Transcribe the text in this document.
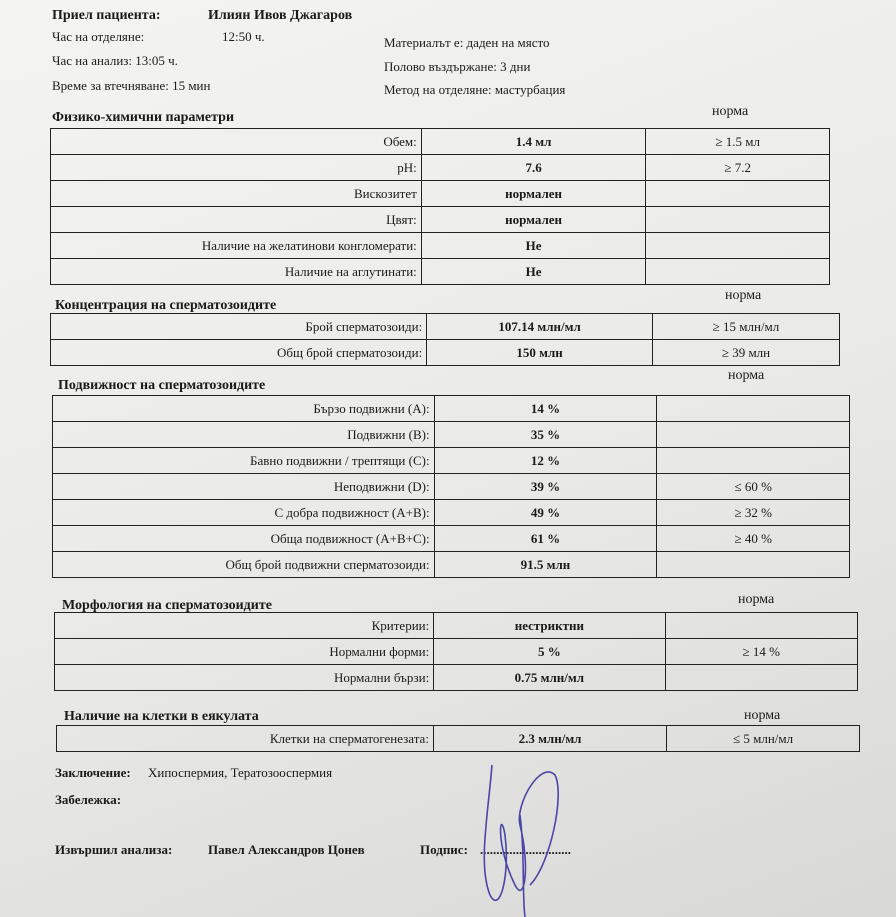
Приел пациента:	Илиян Ивов Джагаров
Час на отделяне:	12:50 ч.
Час на анализ: 13:05 ч.
Време за втечняване: 15 мин
Материалът е: даден на място
Полово въздържане: 3 дни
Метод на отделяне: мастурбация
Физико-химични параметри	норма
Обем:	1.4 мл	≥ 1.5 мл
pH:	7.6	≥ 7.2
Вискозитет	нормален	
Цвят:	нормален	
Наличие на желатинови конгломерати:	Не	
Наличие на аглутинати:	Не	
Концентрация на сперматозоидите
норма
Брой сперматозоиди:	107.14 млн/мл	≥ 15 млн/мл
Общ брой сперматозоиди:	150 млн	≥ 39 млн
Подвижност на сперматозоидите
норма
Бързо подвижни (A):	14 %	
Подвижни (B):	35 %	
Бавно подвижни / трептящи (C):	12 %	
Неподвижни (D):	39 %	≤ 60 %
С добра подвижност (A+B):	49 %	≥ 32 %
Обща подвижност (A+B+C):	61 %	≥ 40 %
Общ брой подвижни сперматозоиди:	91.5 млн	
Морфология на сперматозоидите	норма
Критерии:	нестриктни	
Нормални форми:	5 %	≥ 14 %
Нормални бързи:	0.75 млн/мл	
Наличие на клетки в еякулата	норма
Клетки на сперматогенезата:	2.3 млн/мл	≤ 5 млн/мл
Заключение: Хипоспермия, Тератозооспермия
Забележка:
Извършил анализа:	Павел Александров Цонев	Подпис: ............................
